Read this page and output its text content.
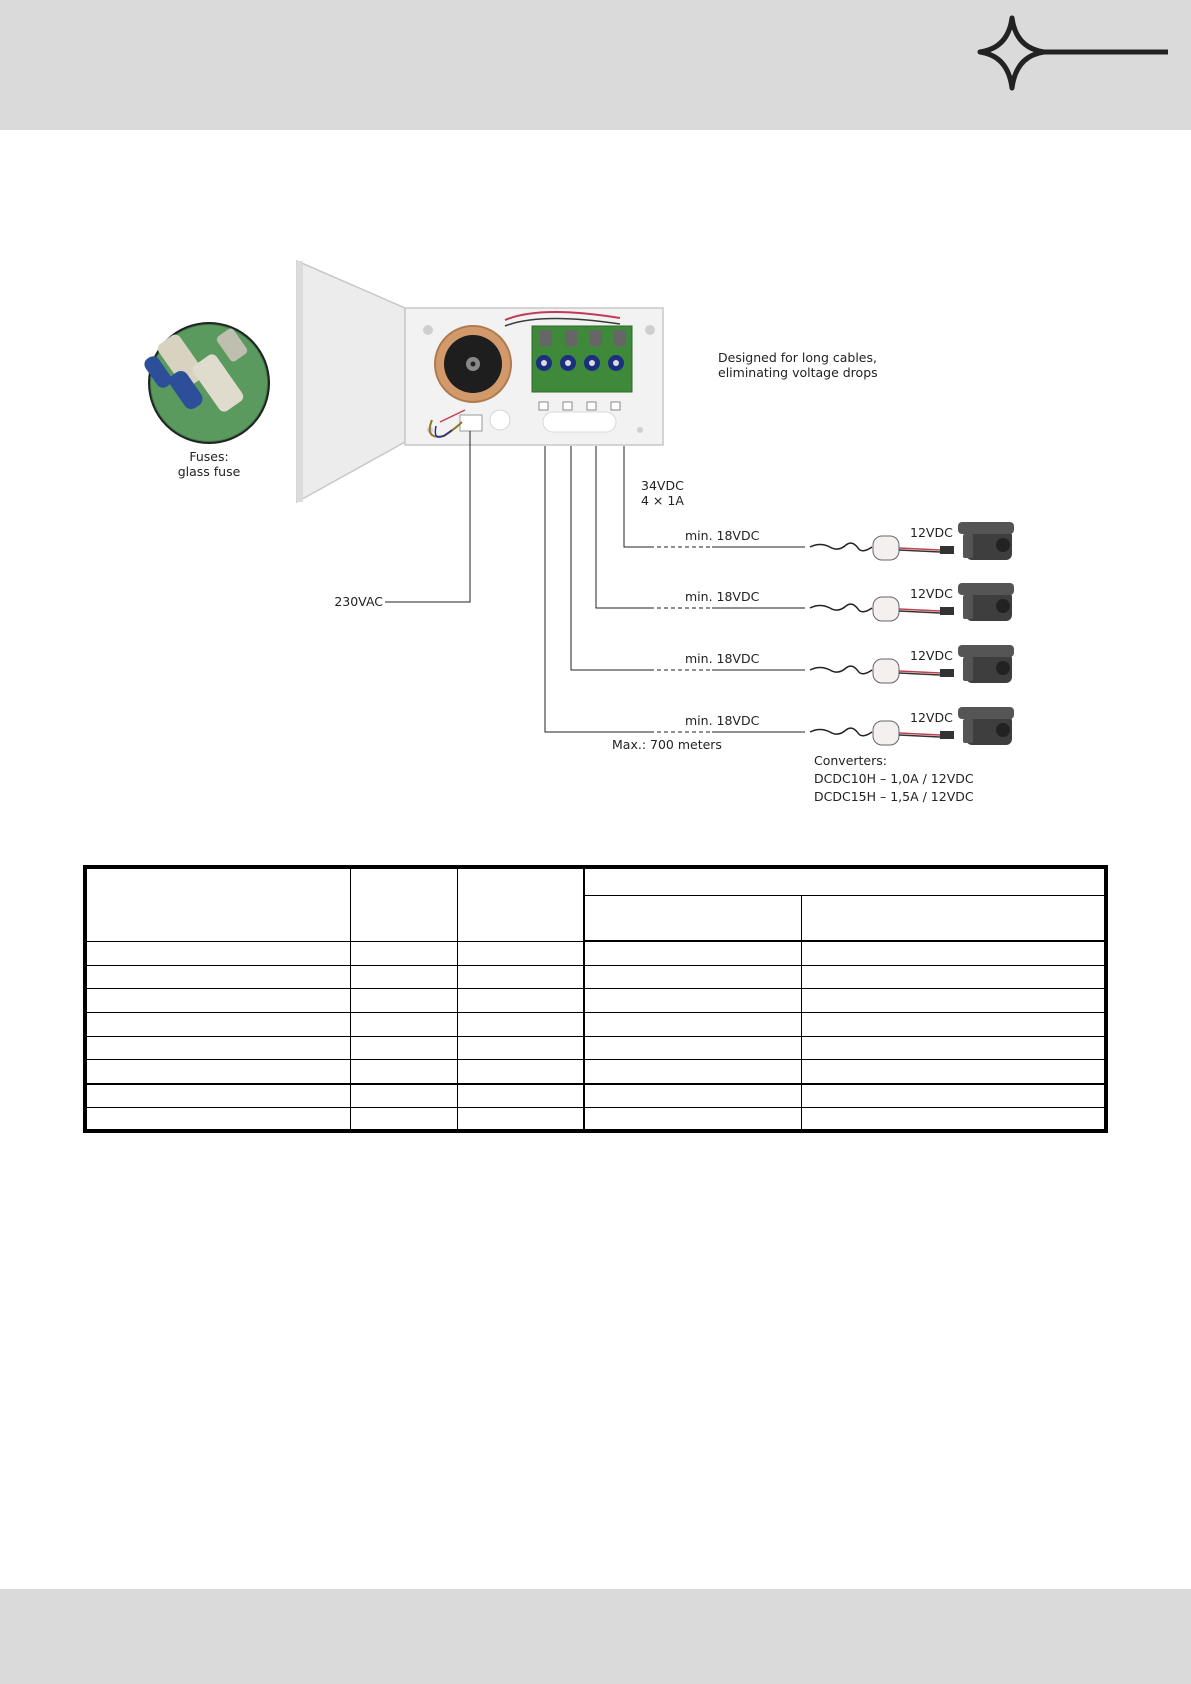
Fuses:
glass fuse
Designed for long cables,
eliminating voltage drops
34VDC
4 × 1A
230VAC
min. 18VDC
min. 18VDC
min. 18VDC
min. 18VDC
Max.: 700 meters
12VDC
12VDC
12VDC
12VDC
Converters:
DCDC10H – 1,0A / 12VDC
DCDC15H – 1,5A / 12VDC
